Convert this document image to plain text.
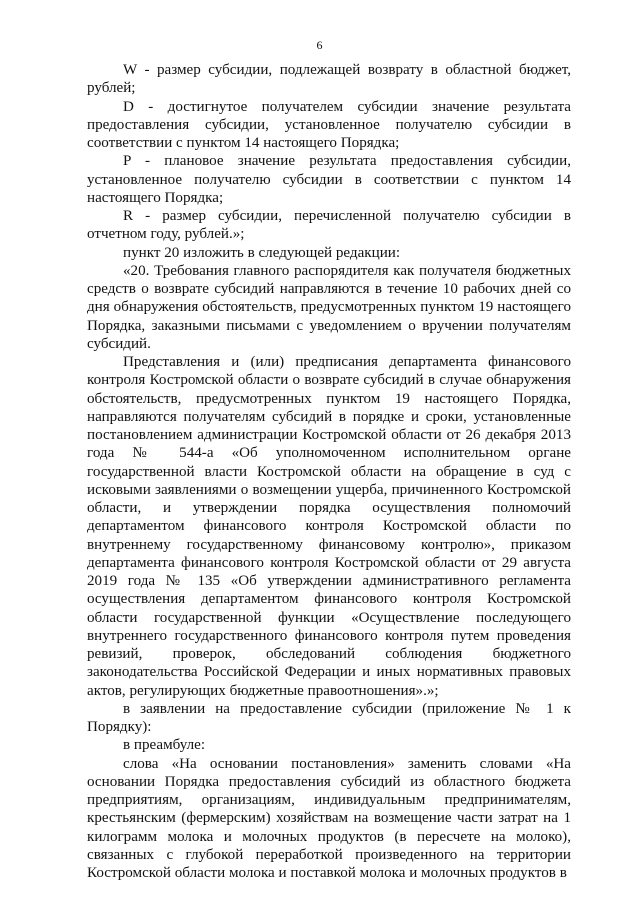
6

W - размер субсидии, подлежащей возврату в областной бюджет, рублей;

D - достигнутое получателем субсидии значение результата предоставления субсидии, установленное получателю субсидии в соответствии с пунктом 14 настоящего Порядка;

P - плановое значение результата предоставления субсидии, установленное получателю субсидии в соответствии с пунктом 14 настоящего Порядка;

R - размер субсидии, перечисленной получателю субсидии в отчетном году, рублей.»;

пункт 20 изложить в следующей редакции:

«20. Требования главного распорядителя как получателя бюджетных средств о возврате субсидий направляются в течение 10 рабочих дней со дня обнаружения обстоятельств, предусмотренных пунктом 19 настоящего Порядка, заказными письмами с уведомлением о вручении получателям субсидий.

Представления и (или) предписания департамента финансового контроля Костромской области о возврате субсидий в случае обнаружения обстоятельств, предусмотренных пунктом 19 настоящего Порядка, направляются получателям субсидий в порядке и сроки, установленные постановлением администрации Костромской области от 26 декабря 2013 года № 544-а «Об уполномоченном исполнительном органе государственной власти Костромской области на обращение в суд с исковыми заявлениями о возмещении ущерба, причиненного Костромской области, и утверждении порядка осуществления полномочий департаментом финансового контроля Костромской области по внутреннему государственному финансовому контролю», приказом департамента финансового контроля Костромской области от 29 августа 2019 года № 135 «Об утверждении административного регламента осуществления департаментом финансового контроля Костромской области государственной функции «Осуществление последующего внутреннего государственного финансового контроля путем проведения ревизий, проверок, обследований соблюдения бюджетного законодательства Российской Федерации и иных нормативных правовых актов, регулирующих бюджетные правоотношения».»;

в заявлении на предоставление субсидии (приложение № 1 к Порядку):

в преамбуле:

слова «На основании постановления» заменить словами «На основании Порядка предоставления субсидий из областного бюджета предприятиям, организациям, индивидуальным предпринимателям, крестьянским (фермерским) хозяйствам на возмещение части затрат на 1 килограмм молока и молочных продуктов (в пересчете на молоко), связанных с глубокой переработкой произведенного на территории Костромской области молока и поставкой молока и молочных продуктов в
